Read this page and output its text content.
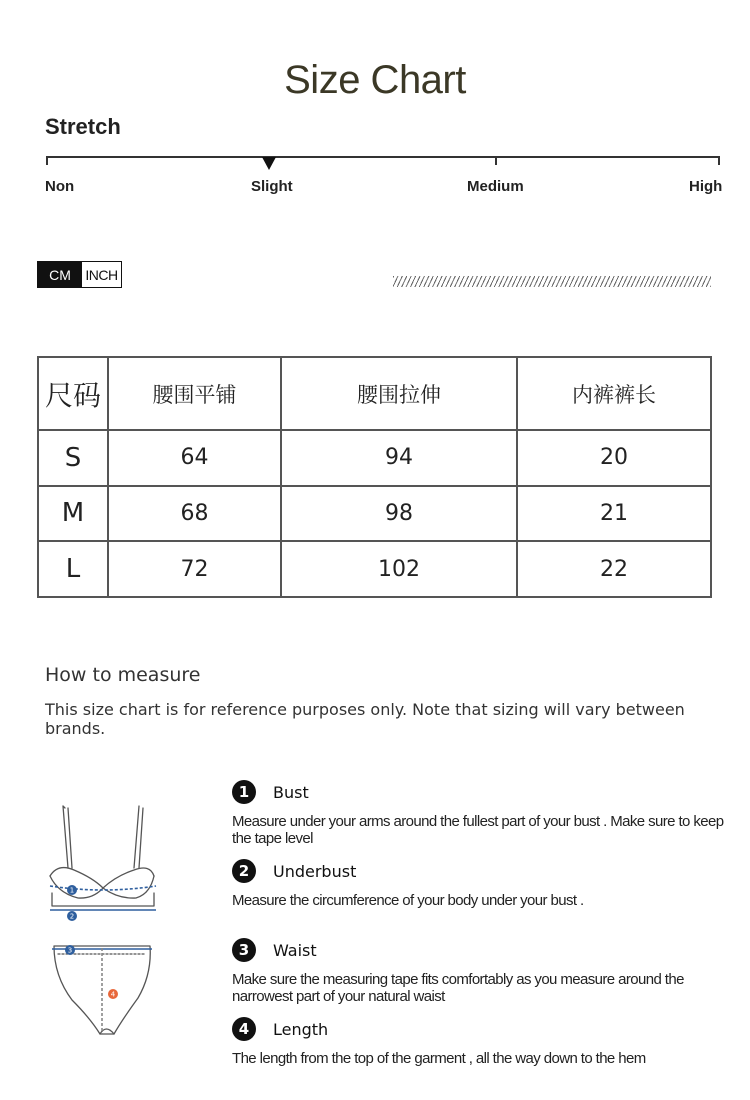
Size Chart
Stretch
Non	Slight	Medium	High
CM	INCH
尺码	腰围平铺	腰围拉伸	内裤裤长
S	64	94	20
M	68	98	21
L	72	102	22
How to measure
This size chart is for reference purposes only. Note that sizing will vary between brands.
1
2
3
4
1	Bust
Measure under your arms around the fullest part of your bust . Make sure to keep the tape level
2	Underbust
Measure the circumference of your body under your bust .
3	Waist
Make sure the measuring tape fits comfortably as you measure around the narrowest part of your natural waist
4	Length
The length from the top of the garment , all the way down to the hem
